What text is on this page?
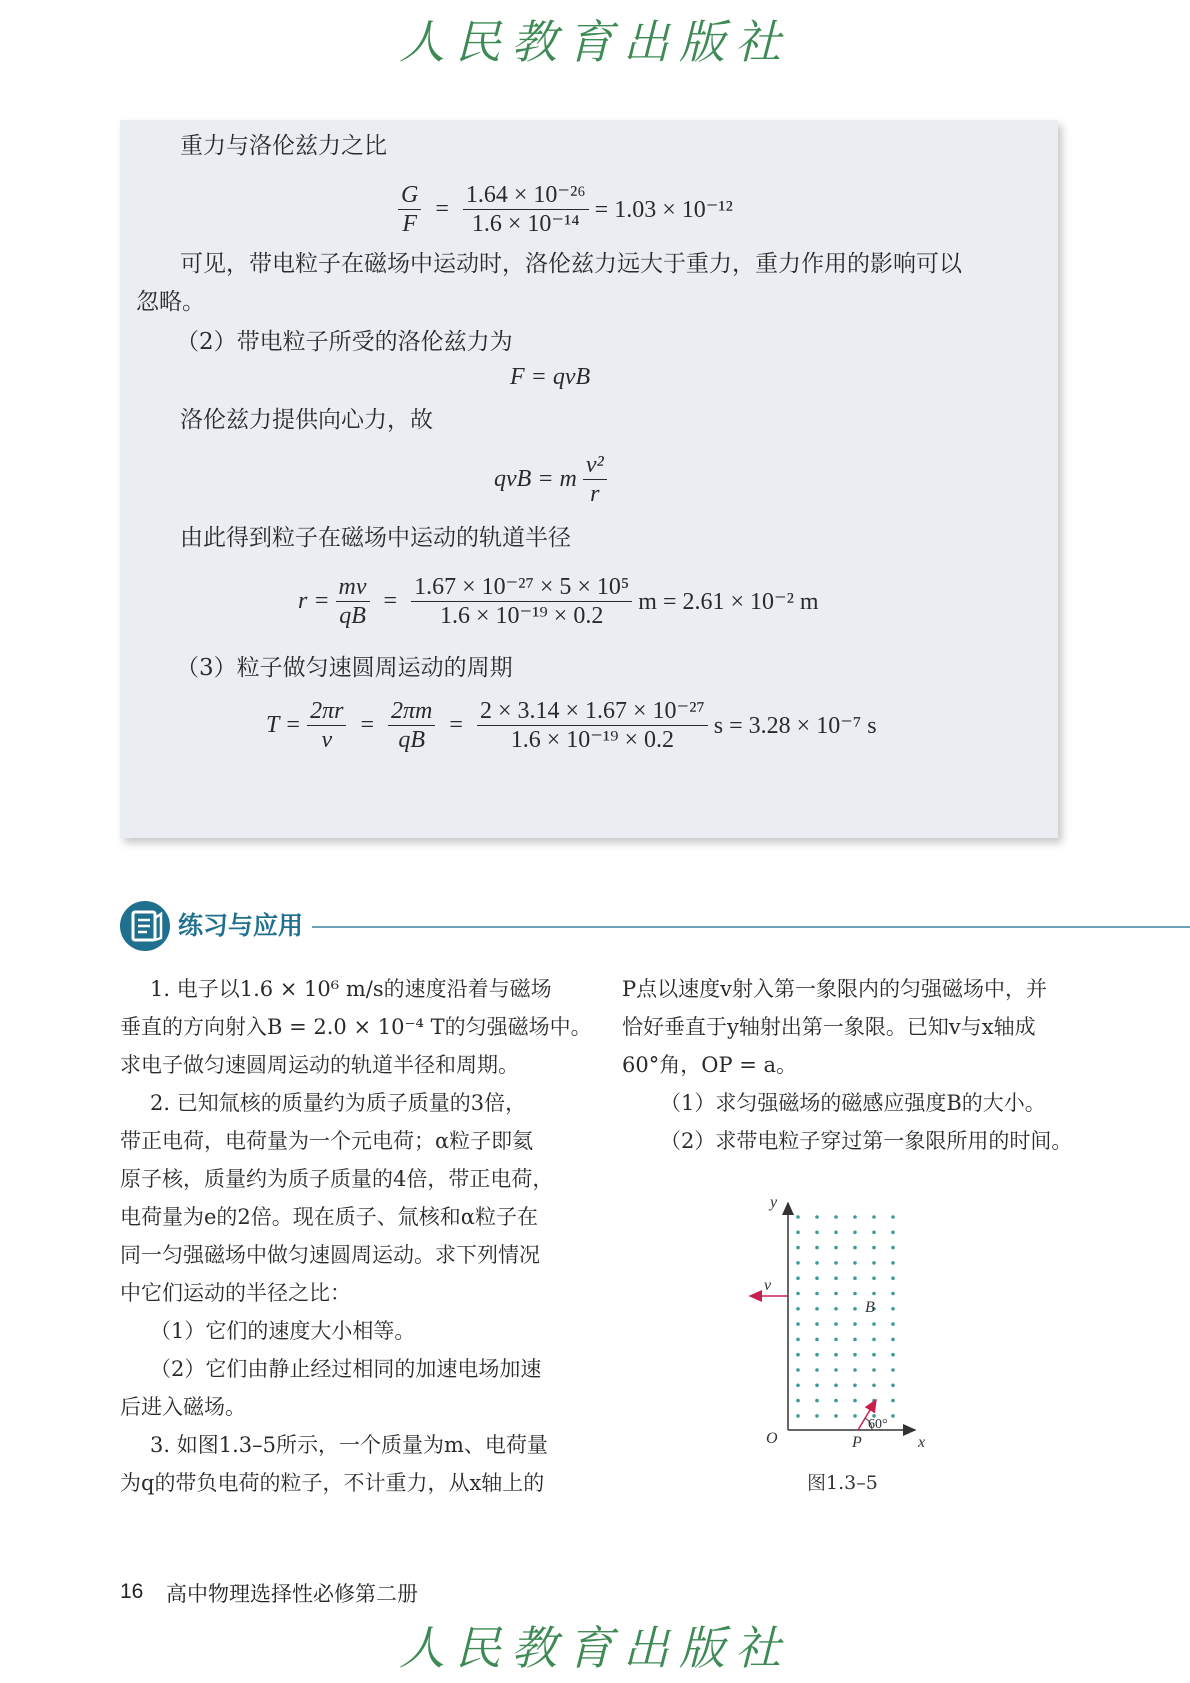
人民教育出版社
重力与洛伦兹力之比
$\frac{G}{F} = \frac{\text{1.64 × 10⁻²⁶}}{\text{1.6 × 10⁻¹⁴}} = 1.03 \times 10^{-12}$
可见，带电粒子在磁场中运动时，洛伦兹力远大于重力，重力作用的影响可以
忽略。
（2）带电粒子所受的洛伦兹力为
F = qvB
洛伦兹力提供向心力，故
qvB = m $\frac{\text{v²}}{r}$
由此得到粒子在磁场中运动的轨道半径
$r = \frac{mv}{qB} = \frac{\text{1.67 × 10⁻²⁷ × 5 × 10⁵}}{\text{1.6 × 10⁻¹⁹ × 0.2}}$ m = 2.61 × 10⁻² m
（3）粒子做匀速圆周运动的周期
$T = \frac{2\pi r}{v} = \frac{2\pi m}{qB} = \frac{\text{2 × 3.14 × 1.67 × 10⁻²⁷}}{\text{1.6 × 10⁻¹⁹ × 0.2}}$ s = 3.28 × 10⁻⁷ s
练习与应用
1. 电子以1.6 × 10⁶ m/s的速度沿着与磁场
垂直的方向射入B = 2.0 × 10⁻⁴ T的匀强磁场中。
求电子做匀速圆周运动的轨道半径和周期。
2. 已知氚核的质量约为质子质量的3倍，
带正电荷，电荷量为一个元电荷；α粒子即氦
原子核，质量约为质子质量的4倍，带正电荷，
电荷量为e的2倍。现在质子、氚核和α粒子在
同一匀强磁场中做匀速圆周运动。求下列情况
中它们运动的半径之比：
（1）它们的速度大小相等。
（2）它们由静止经过相同的加速电场加速
后进入磁场。
3. 如图1.3–5所示，一个质量为m、电荷量
为q的带负电荷的粒子，不计重力，从x轴上的
P点以速度v射入第一象限内的匀强磁场中，并
恰好垂直于y轴射出第一象限。已知v与x轴成
60°角，OP = a。
（1）求匀强磁场的磁感应强度B的大小。
（2）求带电粒子穿过第一象限所用的时间。
y
x
O	P
B
v
60°
图1.3–5
16 高中物理选择性必修第二册
人民教育出版社
